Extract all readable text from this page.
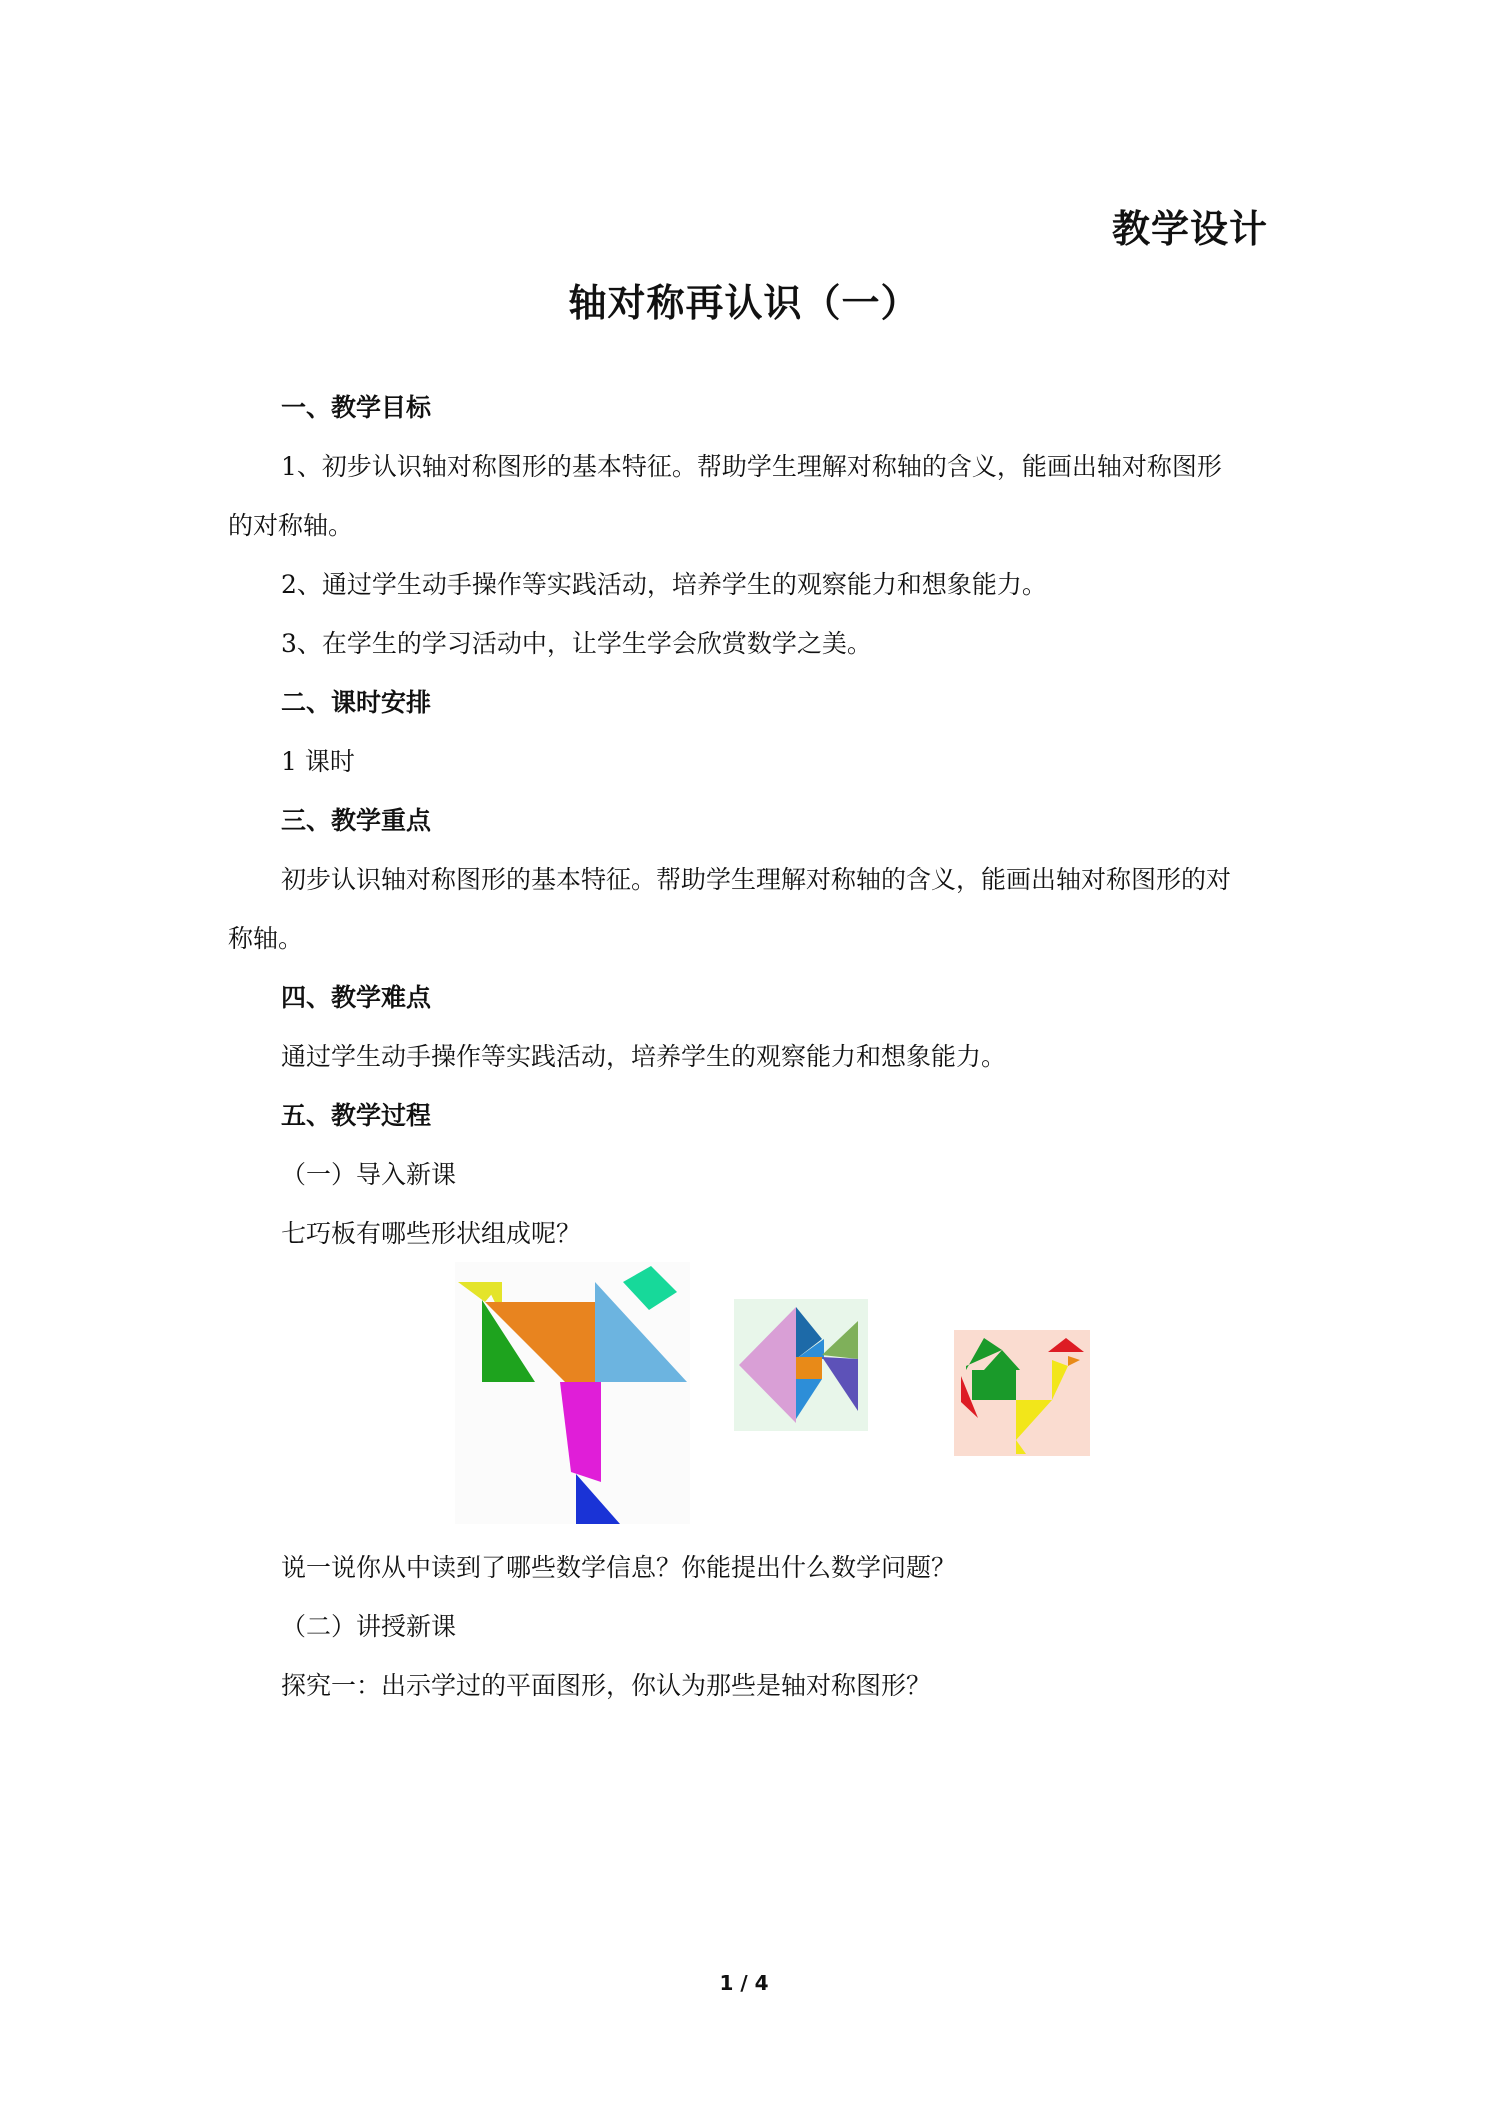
教学设计
轴对称再认识（一）
一、教学目标
1、初步认识轴对称图形的基本特征。帮助学生理解对称轴的含义，能画出轴对称图形
的对称轴。
2、通过学生动手操作等实践活动，培养学生的观察能力和想象能力。
3、在学生的学习活动中，让学生学会欣赏数学之美。
二、课时安排
1 课时
三、教学重点
初步认识轴对称图形的基本特征。帮助学生理解对称轴的含义，能画出轴对称图形的对
称轴。
四、教学难点
通过学生动手操作等实践活动，培养学生的观察能力和想象能力。
五、教学过程
（一）导入新课
七巧板有哪些形状组成呢？
说一说你从中读到了哪些数学信息？你能提出什么数学问题？
（二）讲授新课
探究一：出示学过的平面图形，你认为那些是轴对称图形？
1 / 4
